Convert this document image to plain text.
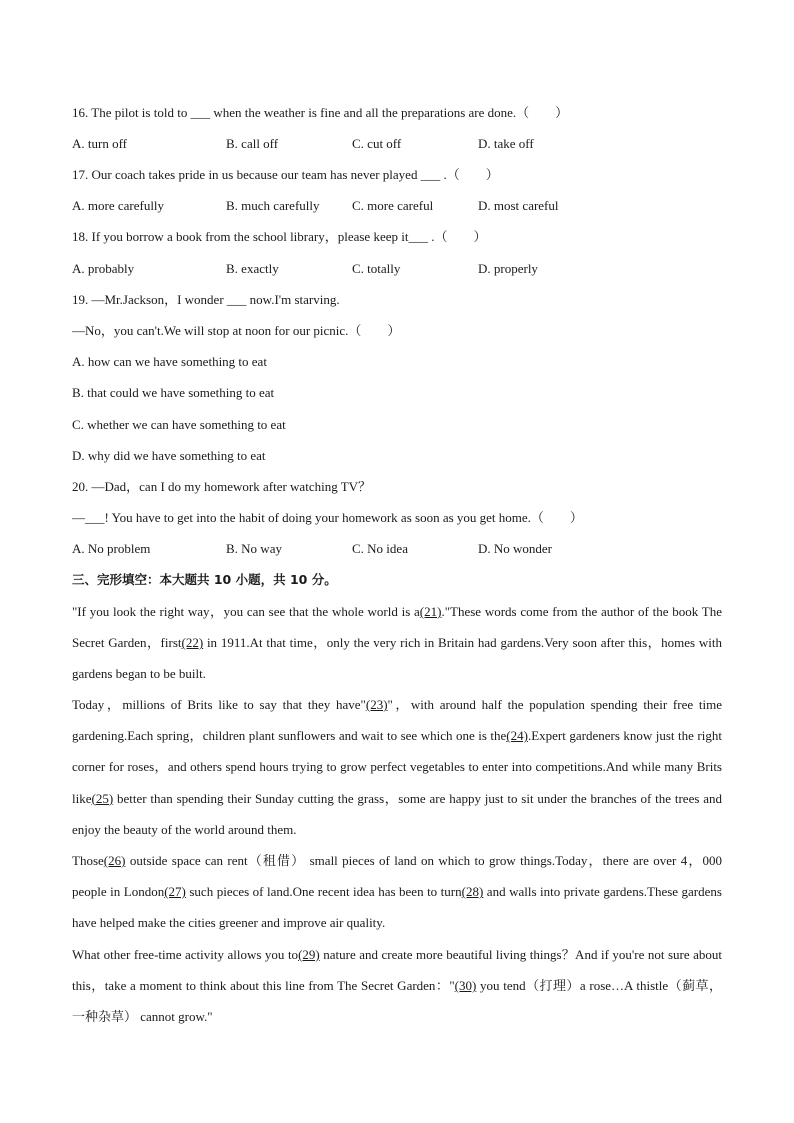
16. The pilot is told to ___ when the weather is fine and all the preparations are done.（　　）
A. turn off	B. call off	C. cut off	D. take off
17. Our coach takes pride in us because our team has never played ___ .（　　）
A. more carefully	B. much carefully	C. more careful	D. most careful
18. If you borrow a book from the school library，please keep it___ .（　　）
A. probably	B. exactly	C. totally	D. properly
19. —Mr.Jackson，I wonder ___ now.I'm starving.
—No，you can't.We will stop at noon for our picnic.（　　）
A. how can we have something to eat
B. that could we have something to eat
C. whether we can have something to eat
D. why did we have something to eat
20. —Dad，can I do my homework after watching TV？
—___! You have to get into the habit of doing your homework as soon as you get home.（　　）
A. No problem	B. No way	C. No idea	D. No wonder
三、完形填空：本大题共 10 小题，共 10 分。
"If you look the right way，you can see that the whole world is a(21)."These words come from the author of the book The Secret Garden，first(22) in 1911.At that time，only the very rich in Britain had gardens.Very soon after this，homes with gardens began to be built.
Today，millions of Brits like to say that they have"(23)"，with around half the population spending their free time gardening.Each spring，children plant sunflowers and wait to see which one is the(24).Expert gardeners know just the right corner for roses，and others spend hours trying to grow perfect vegetables to enter into competitions.And while many Brits like(25) better than spending their Sunday cutting the grass，some are happy just to sit under the branches of the trees and enjoy the beauty of the world around them.
Those(26) outside space can rent（租借） small pieces of land on which to grow things.Today，there are over 4，000 people in London(27) such pieces of land.One recent idea has been to turn(28) and walls into private gardens.These gardens have helped make the cities greener and improve air quality.
What other free-time activity allows you to(29) nature and create more beautiful living things？And if you're not sure about this，take a moment to think about this line from The Secret Garden："(30) you tend（打理）a rose…A thistle（蓟草，一种杂草） cannot grow."
